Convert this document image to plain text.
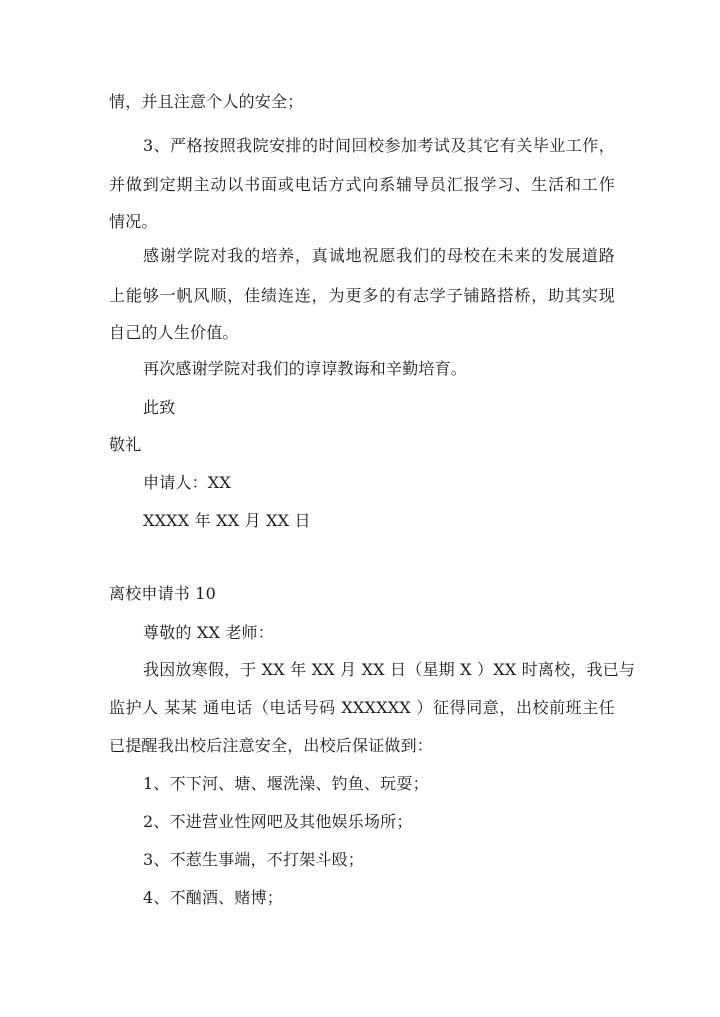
情，并且注意个人的安全；
3、严格按照我院安排的时间回校参加考试及其它有关毕业工作，
并做到定期主动以书面或电话方式向系辅导员汇报学习、生活和工作
情况。
感谢学院对我的培养，真诚地祝愿我们的母校在未来的发展道路
上能够一帆风顺，佳绩连连，为更多的有志学子铺路搭桥，助其实现
自己的人生价值。
再次感谢学院对我们的谆谆教诲和辛勤培育。
此致
敬礼
申请人：XX
XXXX 年 XX 月 XX 日
离校申请书 10
尊敬的 XX 老师：
我因放寒假，于 XX 年 XX 月 XX 日（星期 X ）XX 时离校，我已与
监护人 某某 通电话（电话号码 XXXXXX ）征得同意，出校前班主任
已提醒我出校后注意安全，出校后保证做到：
1、不下河、塘、堰洗澡、钓鱼、玩耍；
2、不进营业性网吧及其他娱乐场所；
3、不惹生事端，不打架斗殴；
4、不酗酒、赌博；
